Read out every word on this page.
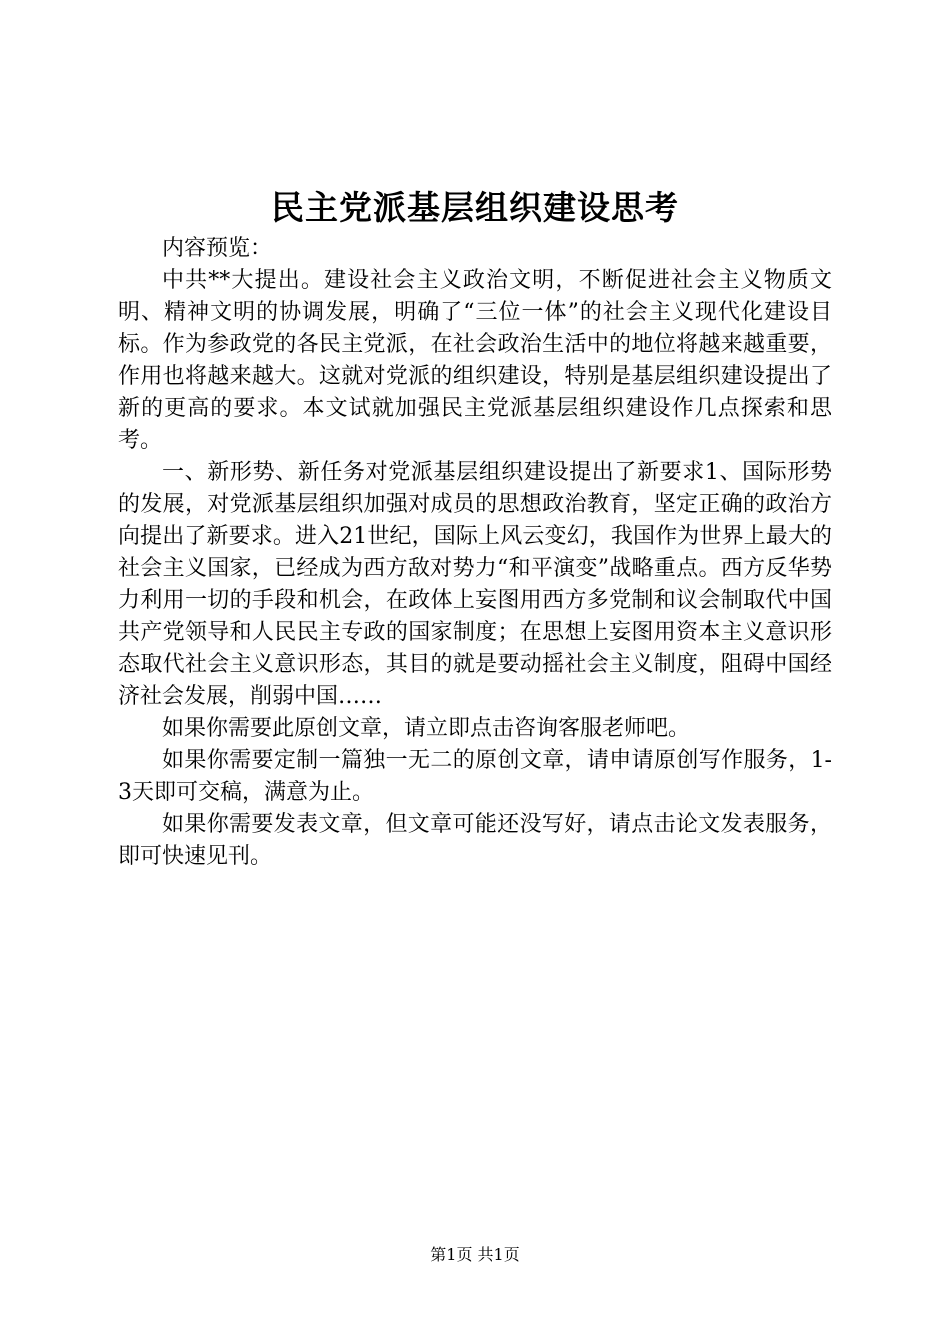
民主党派基层组织建设思考

内容预览：

中共**大提出。建设社会主义政治文明，不断促进社会主义物质文明、精神文明的协调发展，明确了“三位一体”的社会主义现代化建设目标。作为参政党的各民主党派，在社会政治生活中的地位将越来越重要，作用也将越来越大。这就对党派的组织建设，特别是基层组织建设提出了新的更高的要求。本文试就加强民主党派基层组织建设作几点探索和思考。

一、新形势、新任务对党派基层组织建设提出了新要求1、国际形势的发展，对党派基层组织加强对成员的思想政治教育，坚定正确的政治方向提出了新要求。进入21世纪，国际上风云变幻，我国作为世界上最大的社会主义国家，已经成为西方敌对势力“和平演变”战略重点。西方反华势力利用一切的手段和机会，在政体上妄图用西方多党制和议会制取代中国共产党领导和人民民主专政的国家制度；在思想上妄图用资本主义意识形态取代社会主义意识形态，其目的就是要动摇社会主义制度，阻碍中国经济社会发展，削弱中国……

如果你需要此原创文章，请立即点击咨询客服老师吧。

如果你需要定制一篇独一无二的原创文章，请申请原创写作服务，1-3天即可交稿，满意为止。

如果你需要发表文章，但文章可能还没写好，请点击论文发表服务，即可快速见刊。

第1页 共1页
